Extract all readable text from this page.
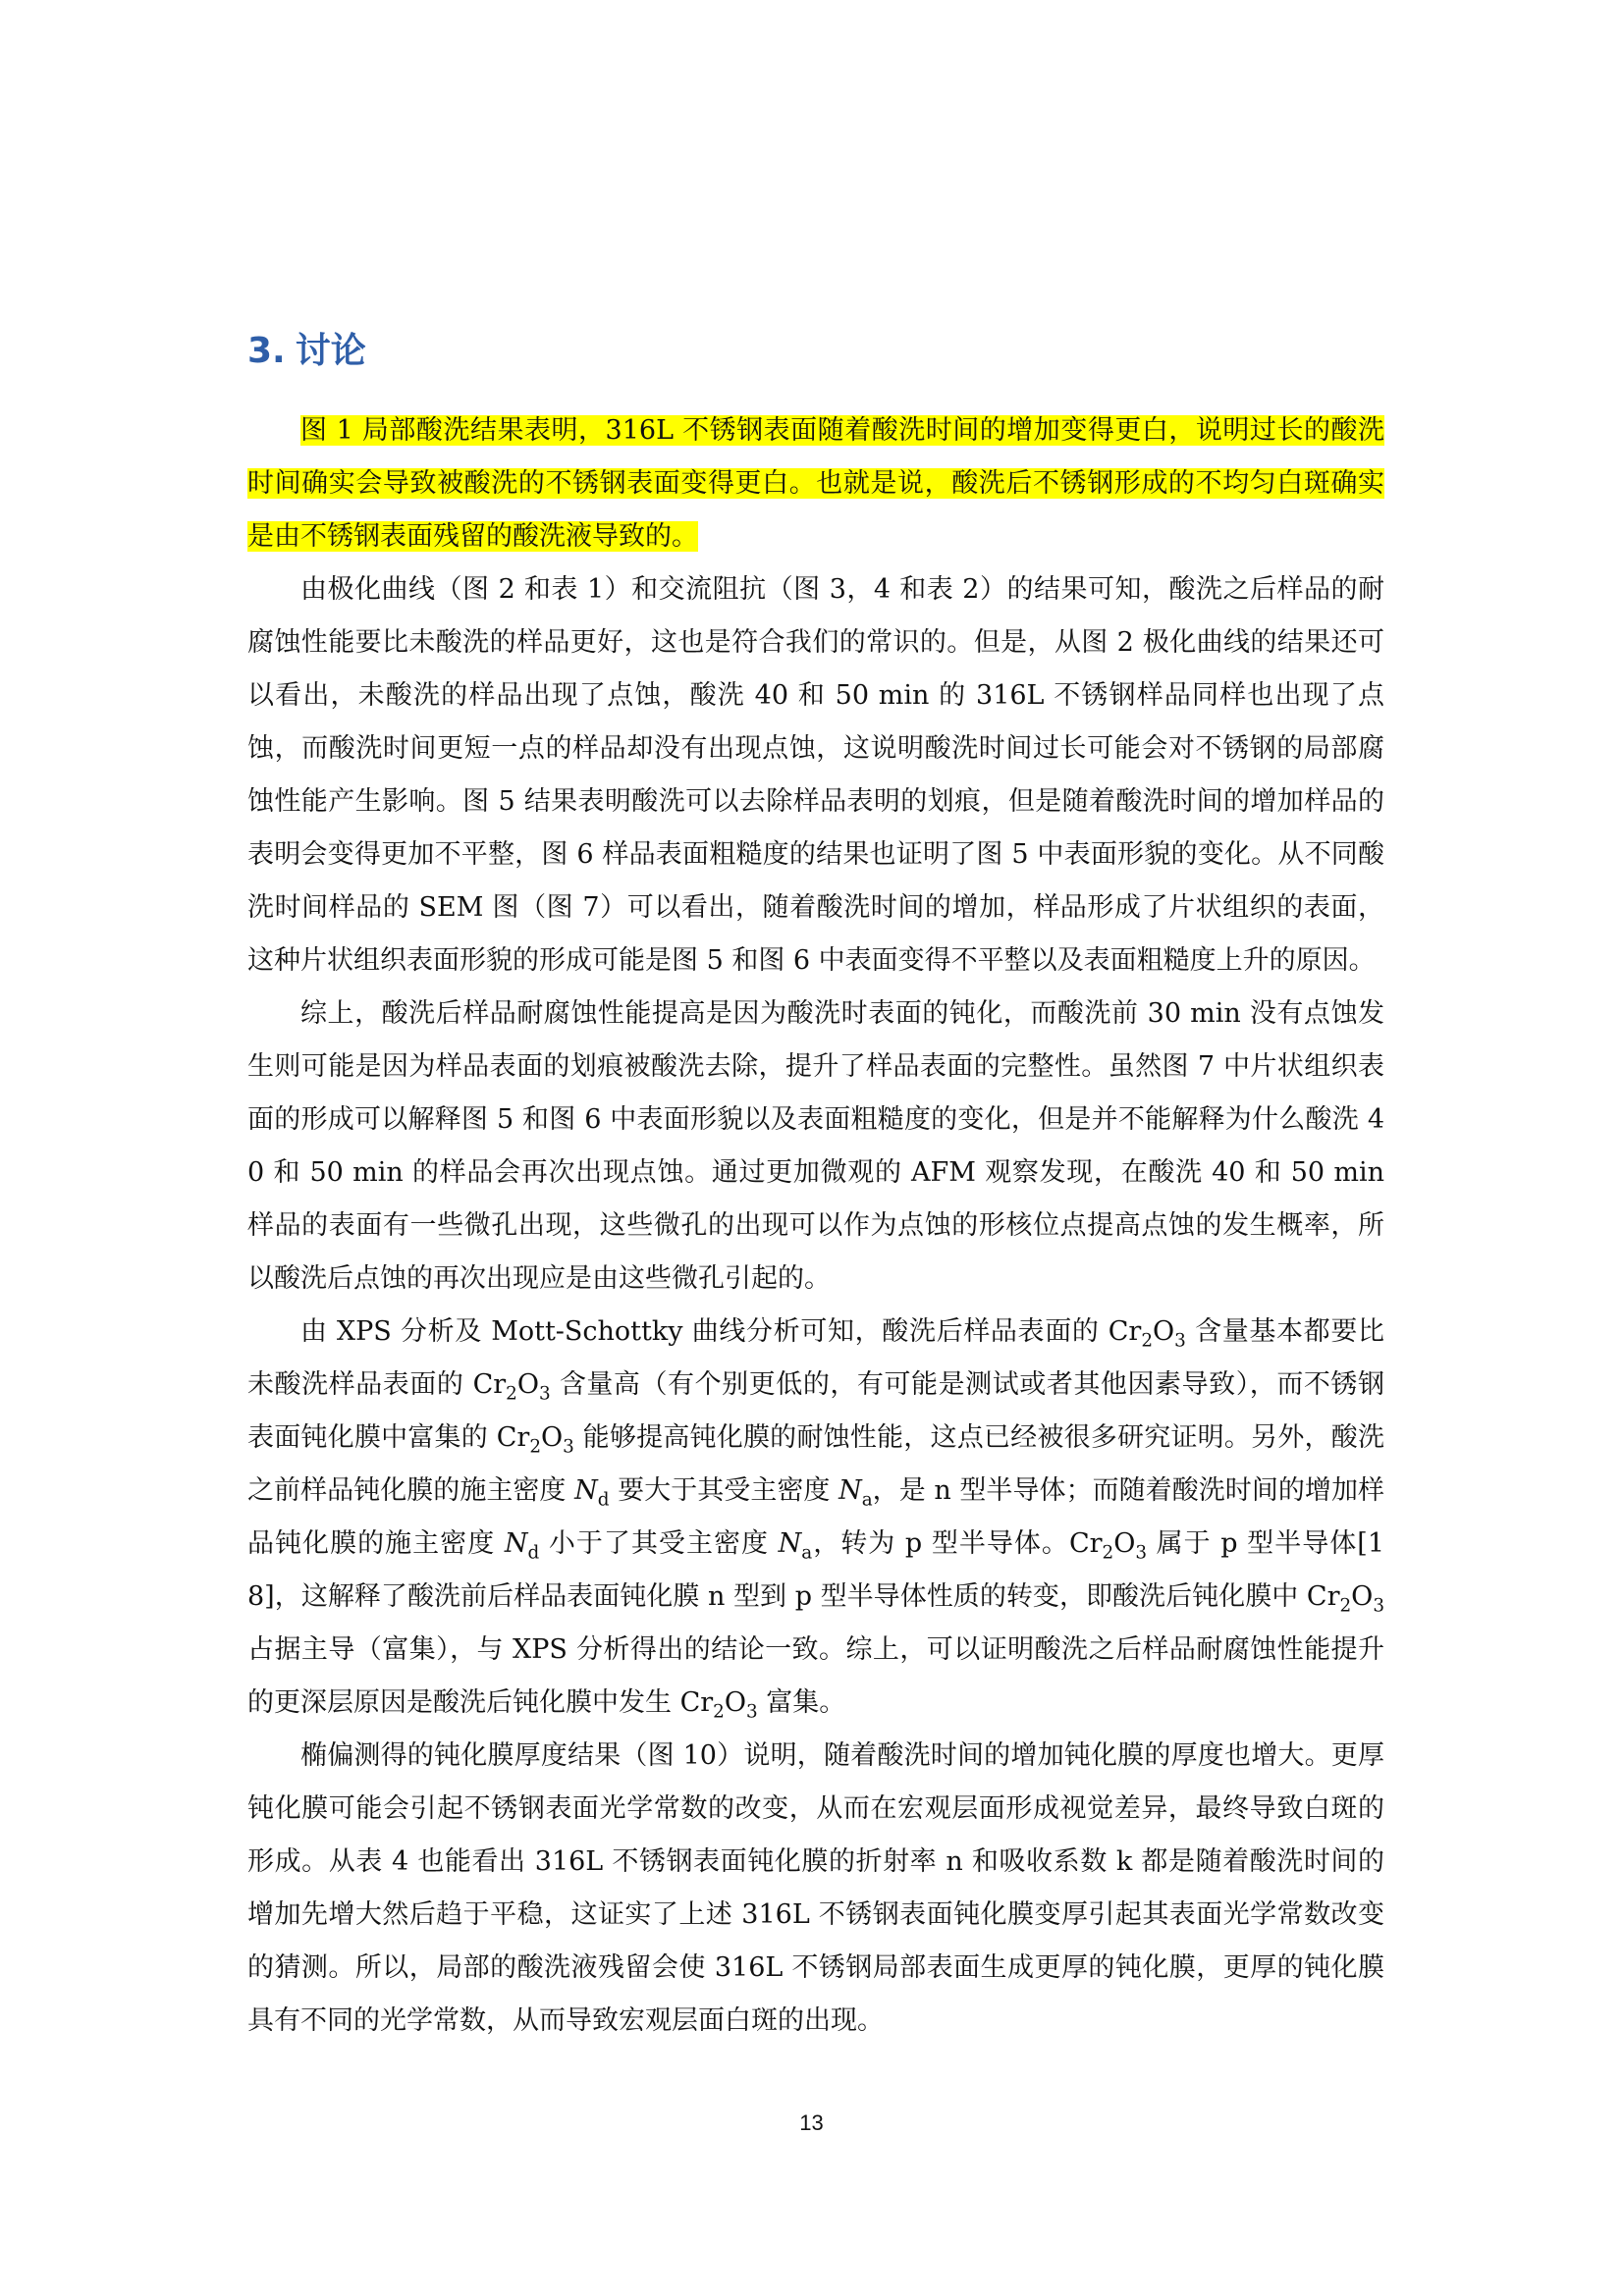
3. 讨论

图 1 局部酸洗结果表明，316L 不锈钢表面随着酸洗时间的增加变得更白，说明过长的酸洗时间确实会导致被酸洗的不锈钢表面变得更白。也就是说，酸洗后不锈钢形成的不均匀白斑确实是由不锈钢表面残留的酸洗液导致的。

由极化曲线（图 2 和表 1）和交流阻抗（图 3，4 和表 2）的结果可知，酸洗之后样品的耐腐蚀性能要比未酸洗的样品更好，这也是符合我们的常识的。但是，从图 2 极化曲线的结果还可以看出，未酸洗的样品出现了点蚀，酸洗 40 和 50 min 的 316L 不锈钢样品同样也出现了点蚀，而酸洗时间更短一点的样品却没有出现点蚀，这说明酸洗时间过长可能会对不锈钢的局部腐蚀性能产生影响。图 5 结果表明酸洗可以去除样品表明的划痕，但是随着酸洗时间的增加样品的表明会变得更加不平整，图 6 样品表面粗糙度的结果也证明了图 5 中表面形貌的变化。从不同酸洗时间样品的 SEM 图（图 7）可以看出，随着酸洗时间的增加，样品形成了片状组织的表面，这种片状组织表面形貌的形成可能是图 5 和图 6 中表面变得不平整以及表面粗糙度上升的原因。

综上，酸洗后样品耐腐蚀性能提高是因为酸洗时表面的钝化，而酸洗前 30 min 没有点蚀发生则可能是因为样品表面的划痕被酸洗去除，提升了样品表面的完整性。虽然图 7 中片状组织表面的形成可以解释图 5 和图 6 中表面形貌以及表面粗糙度的变化，但是并不能解释为什么酸洗 40 和 50 min 的样品会再次出现点蚀。通过更加微观的 AFM 观察发现，在酸洗 40 和 50 min 样品的表面有一些微孔出现，这些微孔的出现可以作为点蚀的形核位点提高点蚀的发生概率，所以酸洗后点蚀的再次出现应是由这些微孔引起的。

由 XPS 分析及 Mott-Schottky 曲线分析可知，酸洗后样品表面的 $Cr_2O_3$ 含量基本都要比未酸洗样品表面的 $Cr_2O_3$ 含量高（有个别更低的，有可能是测试或者其他因素导致），而不锈钢表面钝化膜中富集的 $Cr_2O_3$ 能够提高钝化膜的耐蚀性能，这点已经被很多研究证明。另外，酸洗之前样品钝化膜的施主密度 $N_d$ 要大于其受主密度 $N_a$，是 n 型半导体；而随着酸洗时间的增加样品钝化膜的施主密度 $N_d$ 小于了其受主密度 $N_a$，转为 p 型半导体。$Cr_2O_3$ 属于 p 型半导体[18]，这解释了酸洗前后样品表面钝化膜 n 型到 p 型半导体性质的转变，即酸洗后钝化膜中 $Cr_2O_3$ 占据主导（富集），与 XPS 分析得出的结论一致。综上，可以证明酸洗之后样品耐腐蚀性能提升的更深层原因是酸洗后钝化膜中发生 $Cr_2O_3$ 富集。

椭偏测得的钝化膜厚度结果（图 10）说明，随着酸洗时间的增加钝化膜的厚度也增大。更厚钝化膜可能会引起不锈钢表面光学常数的改变，从而在宏观层面形成视觉差异，最终导致白斑的形成。从表 4 也能看出 316L 不锈钢表面钝化膜的折射率 n 和吸收系数 k 都是随着酸洗时间的增加先增大然后趋于平稳，这证实了上述 316L 不锈钢表面钝化膜变厚引起其表面光学常数改变的猜测。所以，局部的酸洗液残留会使 316L 不锈钢局部表面生成更厚的钝化膜，更厚的钝化膜具有不同的光学常数，从而导致宏观层面白斑的出现。

13
